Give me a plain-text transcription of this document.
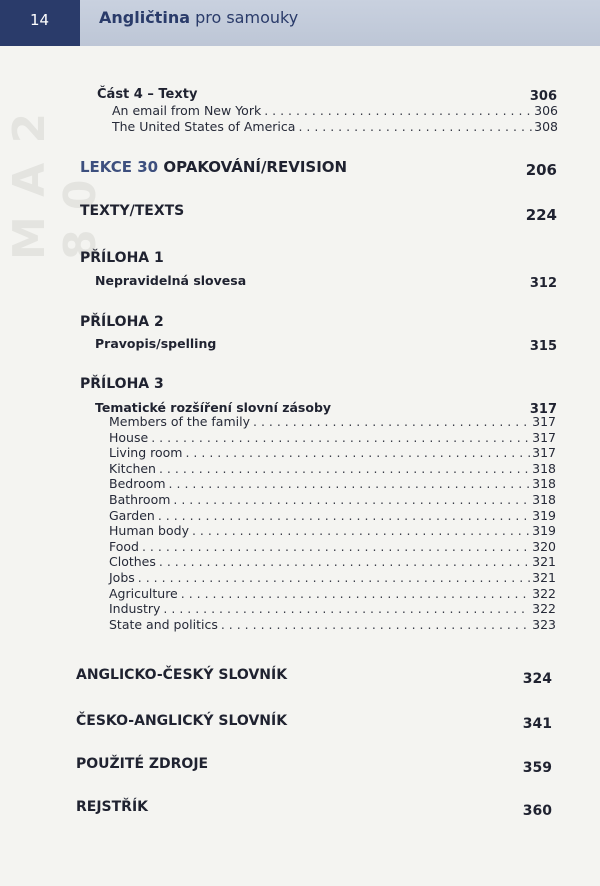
14	Angličtina pro samouky
M A 2 8 0
Část 4 – Texty	306
An email from New York . . .	306
The United States of America . . .	308
LEKCE 30 OPAKOVÁNÍ/REVISION	206
TEXTY/TEXTS	224
PŘÍLOHA 1
Nepravidelná slovesa	312
PŘÍLOHA 2
Pravopis/spelling	315
PŘÍLOHA 3
Tematické rozšíření slovní zásoby	317
Members of the family . . .	317
House . . .	317
Living room . . .	317
Kitchen . . .	318
Bedroom . . .	318
Bathroom . . .	318
Garden . . .	319
Human body . . .	319
Food . . .	320
Clothes . . .	321
Jobs . . .	321
Agriculture . . .	322
Industry . . .	322
State and politics . . .	323
ANGLICKO-ČESKÝ SLOVNÍK	324
ČESKO-ANGLICKÝ SLOVNÍK	341
POUŽITÉ ZDROJE	359
REJSTŘÍK	360
